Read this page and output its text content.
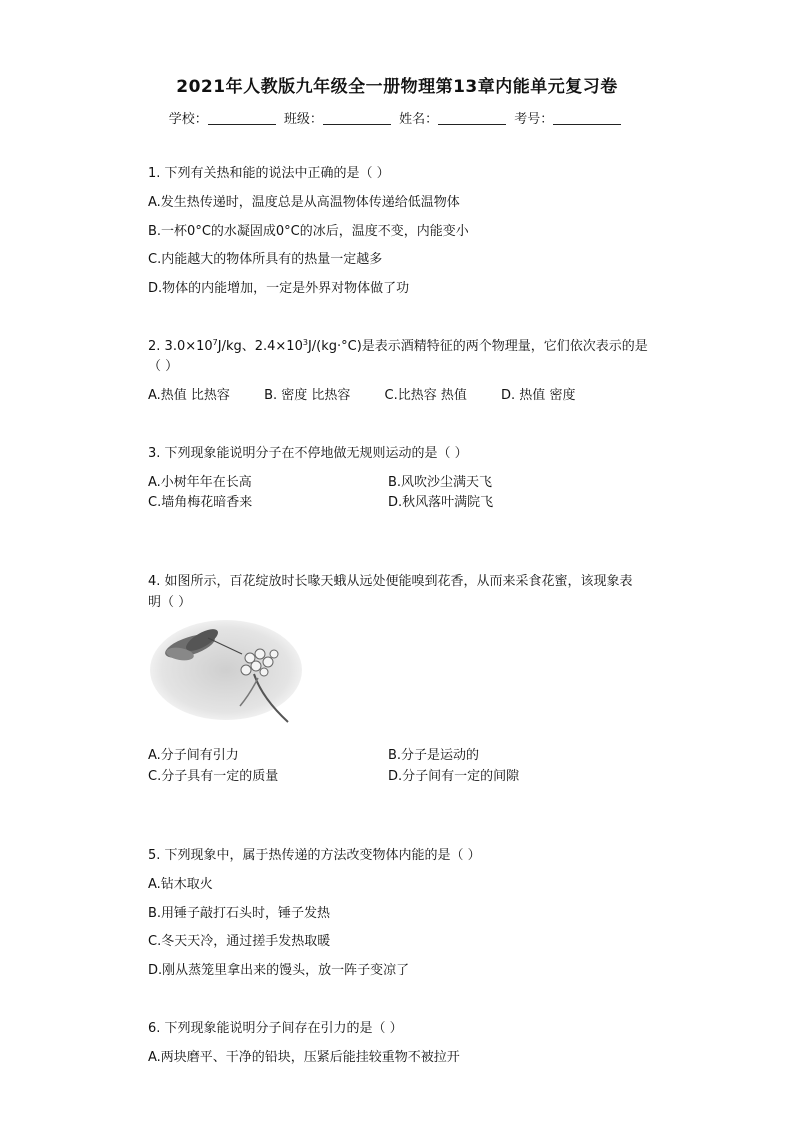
2021年人教版九年级全一册物理第13章内能单元复习卷
学校：	班级：	姓名：	考号：
1. 下列有关热和能的说法中正确的是（ ）
A.发生热传递时，温度总是从高温物体传递给低温物体
B.一杯0°C的水凝固成0°C的冰后，温度不变，内能变小
C.内能越大的物体所具有的热量一定越多
D.物体的内能增加，一定是外界对物体做了功
2. $3.0\times 10^7J/kg$、$2.4\times 10^3J/(kg\cdot^\circ C)$是表示酒精特征的两个物理量，它们依次表示的是
（ ）
A.热值 比热容	B. 密度 比热容	C.比热容 热值	D. 热值 密度
3. 下列现象能说明分子在不停地做无规则运动的是（ ）
A.小树年年在长高	B.风吹沙尘满天飞
C.墙角梅花暗香来	D.秋风落叶满院飞
4. 如图所示，百花绽放时长喙天蛾从远处便能嗅到花香，从而来采食花蜜，该现象表
明（ ）
A.分子间有引力	B.分子是运动的
C.分子具有一定的质量	D.分子间有一定的间隙
5. 下列现象中，属于热传递的方法改变物体内能的是（ ）
A.钻木取火
B.用锤子敲打石头时，锤子发热
C.冬天天冷，通过搓手发热取暖
D.刚从蒸笼里拿出来的馒头，放一阵子变凉了
6. 下列现象能说明分子间存在引力的是（ ）
A.两块磨平、干净的铅块，压紧后能挂较重物不被拉开
